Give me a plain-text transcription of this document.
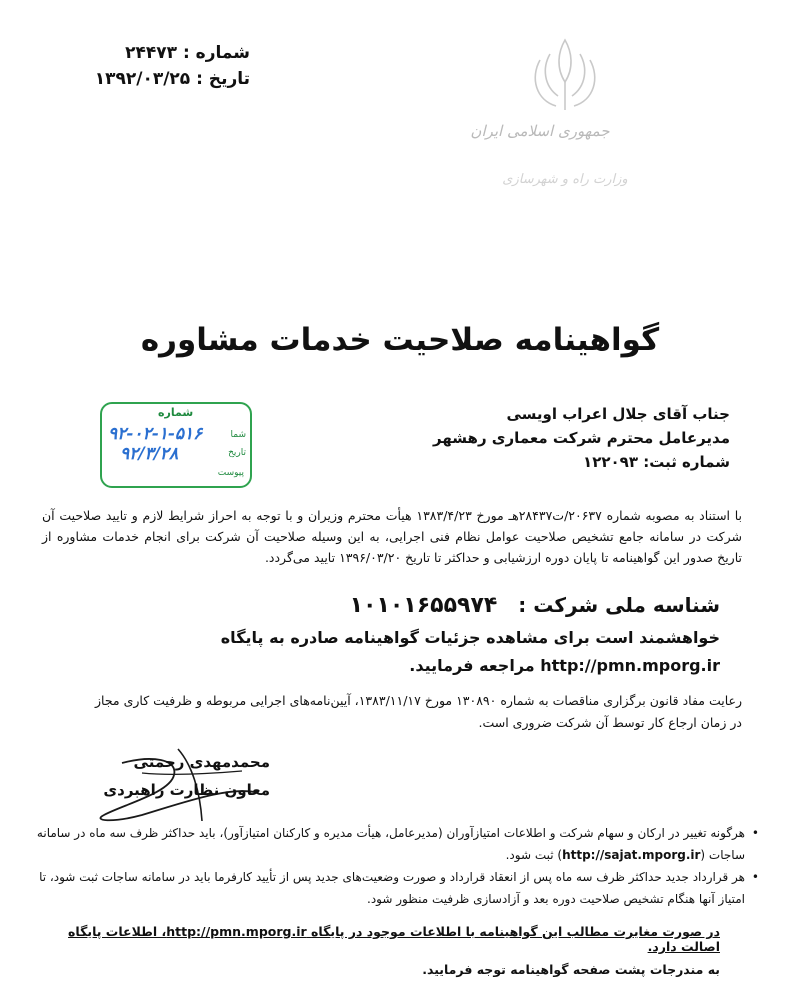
شماره : ۲۴۴۷۳
تاریخ : ۱۳۹۲/۰۳/۲۵
جمهوری اسلامی ایران
وزارت راه و شهرسازی
گواهینامه صلاحیت خدمات مشاوره
جناب آقای جلال اعراب اویسی
مدیرعامل محترم شرکت معماری رهشهر
شماره ثبت: ۱۲۲۰۹۳
شماره
شما
۹۲-۰۲-۱-۵۱۶
تاریخ
۹۲/۳/۲۸
پیوست
با استناد به مصوبه شماره ۲۰۶۳۷/ت۲۸۴۳۷هـ مورخ ۱۳۸۳/۴/۲۳ هیأت محترم وزیران و با توجه به احراز شرایط لازم و تایید صلاحیت آن شرکت در سامانه جامع تشخیص صلاحیت عوامل نظام فنی اجرایی، به این وسیله صلاحیت آن شرکت برای انجام خدمات مشاوره از تاریخ صدور این گواهینامه تا پایان دوره ارزشیابی و حداکثر تا تاریخ ۱۳۹۶/۰۳/۲۰ تایید می‌گردد.
شناسه ملی شرکت : ۱۰۱۰۱۶۵۵۹۷۴
خواهشمند است برای مشاهده جزئیات گواهینامه صادره به پایگاه
http://pmn.mporg.ir مراجعه فرمایید.
رعایت مفاد قانون برگزاری مناقصات به شماره ۱۳۰۸۹۰ مورخ ۱۳۸۳/۱۱/۱۷، آیین‌نامه‌های اجرایی مربوطه و ظرفیت کاری مجاز
در زمان ارجاع کار توسط آن شرکت ضروری است.
محمدمهدی رحمتی
معاون نظارت راهبردی
•
هرگونه تغییر در ارکان و سهام شرکت و اطلاعات امتیازآوران (مدیرعامل، هیأت مدیره و کارکنان امتیازآور)، باید حداکثر ظرف سه ماه در سامانه ساجات (http://sajat.mporg.ir) ثبت شود.
•
هر قرارداد جدید حداکثر ظرف سه ماه پس از انعقاد قرارداد و صورت وضعیت‌های جدید پس از تأیید کارفرما باید در سامانه ساجات ثبت شود، تا امتیاز آنها هنگام تشخیص صلاحیت دوره بعد و آزادسازی ظرفیت منظور شود.
در صورت مغایرت مطالب این گواهینامه با اطلاعات موجود در پایگاه http://pmn.mporg.ir، اطلاعات پایگاه اصالت دارد.
به مندرجات پشت صفحه گواهینامه توجه فرمایید.
